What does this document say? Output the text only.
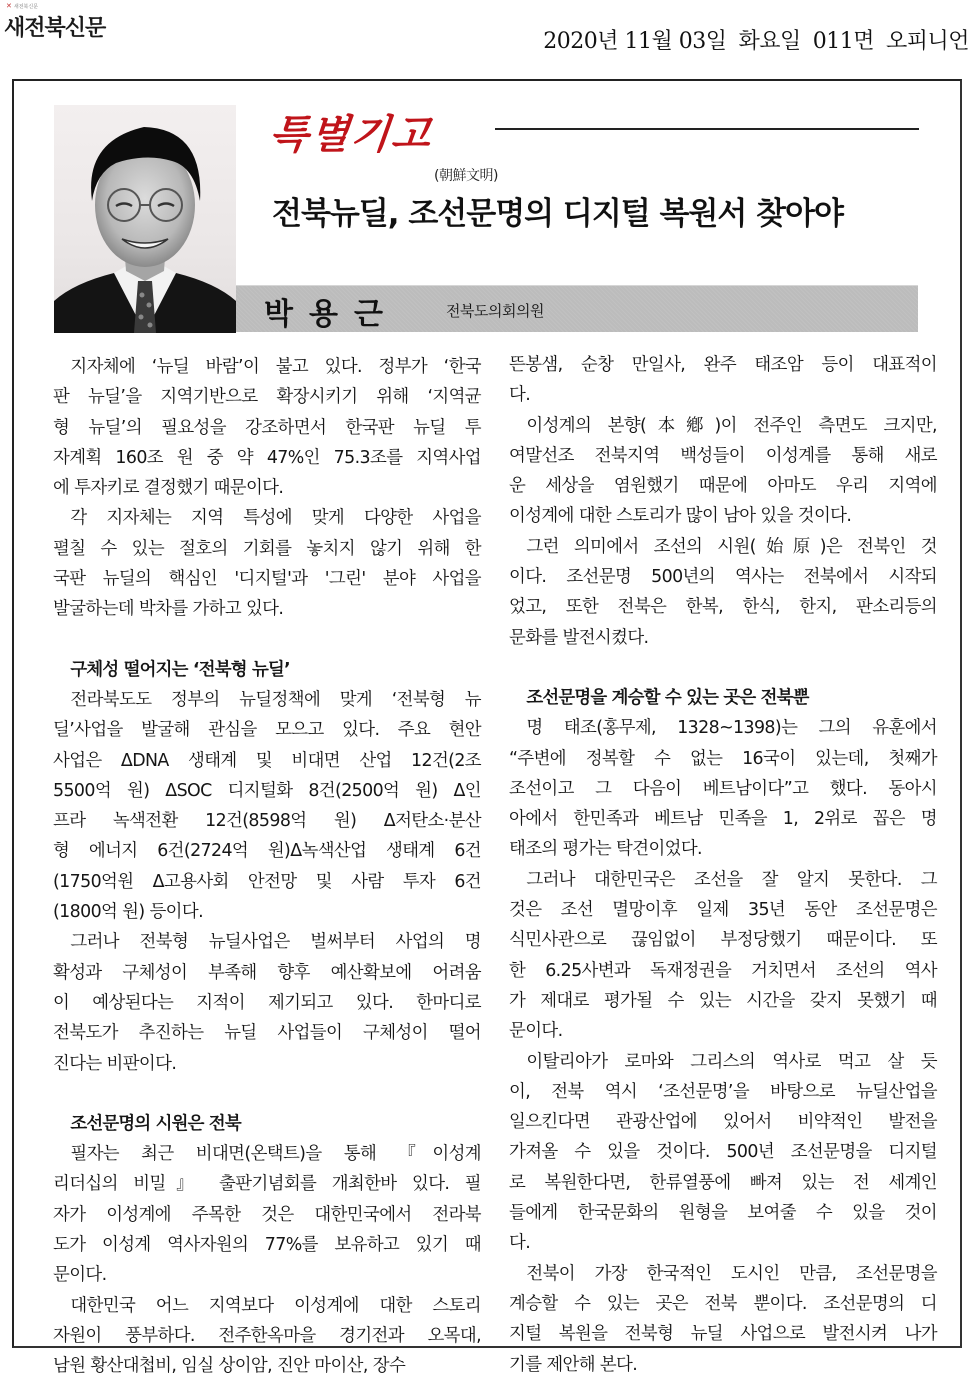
✕ 새전북신문
새전북신문
2020년 11월 03일 화요일 011면 오피니언
특별기고
(朝鮮文明)
전북뉴딜, 조선문명의 디지털 복원서 찾아야
박용근	전북도의회의원
지자체에 ‘뉴딜 바람’이 불고 있다. 정부가 ‘한국
판 뉴딜’을 지역기반으로 확장시키기 위해 ‘지역균
형 뉴딜’의 필요성을 강조하면서 한국판 뉴딜 투
자계획 160조 원 중 약 47%인 75.3조를 지역사업
에 투자키로 결정했기 때문이다.
각 지자체는 지역 특성에 맞게 다양한 사업을
펼칠 수 있는 절호의 기회를 놓치지 않기 위해 한
국판 뉴딜의 핵심인 '디지털'과 '그린' 분야 사업을
발굴하는데 박차를 가하고 있다.
구체성 떨어지는 ‘전북형 뉴딜’
전라북도도 정부의 뉴딜정책에 맞게 ‘전북형 뉴
딜’사업을 발굴해 관심을 모으고 있다. 주요 현안
사업은 ΔDNA 생태계 및 비대면 산업 12건(2조
5500억 원) ΔSOC 디지털화 8건(2500억 원) Δ인
프라 녹색전환 12건(8598억 원) Δ저탄소·분산
형 에너지 6건(2724억 원)Δ녹색산업 생태계 6건
(1750억원 Δ고용사회 안전망 및 사람 투자 6건
(1800억 원) 등이다.
그러나 전북형 뉴딜사업은 벌써부터 사업의 명
확성과 구체성이 부족해 향후 예산확보에 어려움
이 예상된다는 지적이 제기되고 있다. 한마디로
전북도가 추진하는 뉴딜 사업들이 구체성이 떨어
진다는 비판이다.
조선문명의 시원은 전북
필자는 최근 비대면(온택트)을 통해 『이성계
리더십의 비밀』 출판기념회를 개최한바 있다. 필
자가 이성계에 주목한 것은 대한민국에서 전라북
도가 이성계 역사자원의 77%를 보유하고 있기 때
문이다.
대한민국 어느 지역보다 이성계에 대한 스토리
자원이 풍부하다. 전주한옥마을 경기전과 오목대,
남원 황산대첩비, 임실 상이암, 진안 마이산, 장수
뜬봉샘, 순창 만일사, 완주 태조암 등이 대표적이
다.
이성계의 본향(本鄕)이 전주인 측면도 크지만,
여말선조 전북지역 백성들이 이성계를 통해 새로
운 세상을 염원했기 때문에 아마도 우리 지역에
이성계에 대한 스토리가 많이 남아 있을 것이다.
그런 의미에서 조선의 시원(始原)은 전북인 것
이다. 조선문명 500년의 역사는 전북에서 시작되
었고, 또한 전북은 한복, 한식, 한지, 판소리등의
문화를 발전시켰다.
조선문명을 계승할 수 있는 곳은 전북뿐
명 태조(홍무제, 1328~1398)는 그의 유훈에서
“주변에 정복할 수 없는 16국이 있는데, 첫째가
조선이고 그 다음이 베트남이다”고 했다. 동아시
아에서 한민족과 베트남 민족을 1, 2위로 꼽은 명
태조의 평가는 탁견이었다.
그러나 대한민국은 조선을 잘 알지 못한다. 그
것은 조선 멸망이후 일제 35년 동안 조선문명은
식민사관으로 끊임없이 부정당했기 때문이다. 또
한 6.25사변과 독재정권을 거치면서 조선의 역사
가 제대로 평가될 수 있는 시간을 갖지 못했기 때
문이다.
이탈리아가 로마와 그리스의 역사로 먹고 살 듯
이, 전북 역시 ‘조선문명’을 바탕으로 뉴딜산업을
일으킨다면 관광산업에 있어서 비약적인 발전을
가져올 수 있을 것이다. 500년 조선문명을 디지털
로 복원한다면, 한류열풍에 빠져 있는 전 세계인
들에게 한국문화의 원형을 보여줄 수 있을 것이
다.
전북이 가장 한국적인 도시인 만큼, 조선문명을
계승할 수 있는 곳은 전북 뿐이다. 조선문명의 디
지털 복원을 전북형 뉴딜 사업으로 발전시켜 나가
기를 제안해 본다.
